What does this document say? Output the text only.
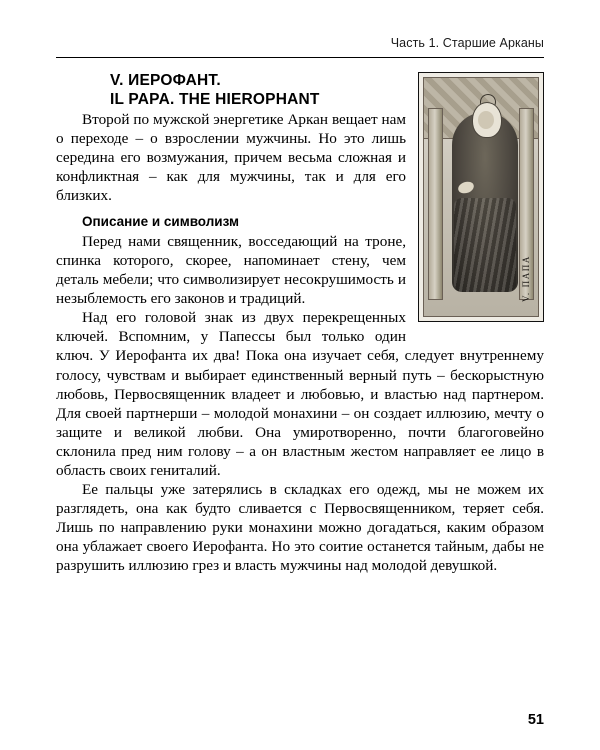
Часть 1. Старшие Арканы
V. ПАПА
V. ИЕРОФАНТ.
IL PAPA. THE HIEROPHANT

Второй по мужской энергетике Аркан вещает нам о переходе – о взрослении мужчины. Но это лишь середина его возмужания, причем весьма сложная и конфликтная – как для мужчины, так и для его близких.

Описание и символизм

Перед нами священник, восседающий на троне, спинка которого, скорее, напоминает стену, чем деталь мебели; что символизирует несокрушимость и незыблемость его законов и традиций.

Над его головой знак из двух перекрещенных ключей. Вспомним, у Папессы был только один ключ. У Иерофанта их два! Пока она изучает себя, следует внутреннему голосу, чувствам и выбирает единственный верный путь – бескорыстную любовь, Первосвященник владеет и любовью, и властью над партнером. Для своей партнерши – молодой монахини – он создает иллюзию, мечту о защите и великой любви. Она умиротворенно, почти благоговейно склонила пред ним голову – а он властным жестом направляет ее лицо в область своих гениталий.

Ее пальцы уже затерялись в складках его одежд, мы не можем их разглядеть, она как будто сливается с Первосвященником, теряет себя. Лишь по направлению руки монахини можно догадаться, каким образом она ублажает своего Иерофанта. Но это соитие останется тайным, дабы не разрушить иллюзию грез и власть мужчины над молодой девушкой.

51
